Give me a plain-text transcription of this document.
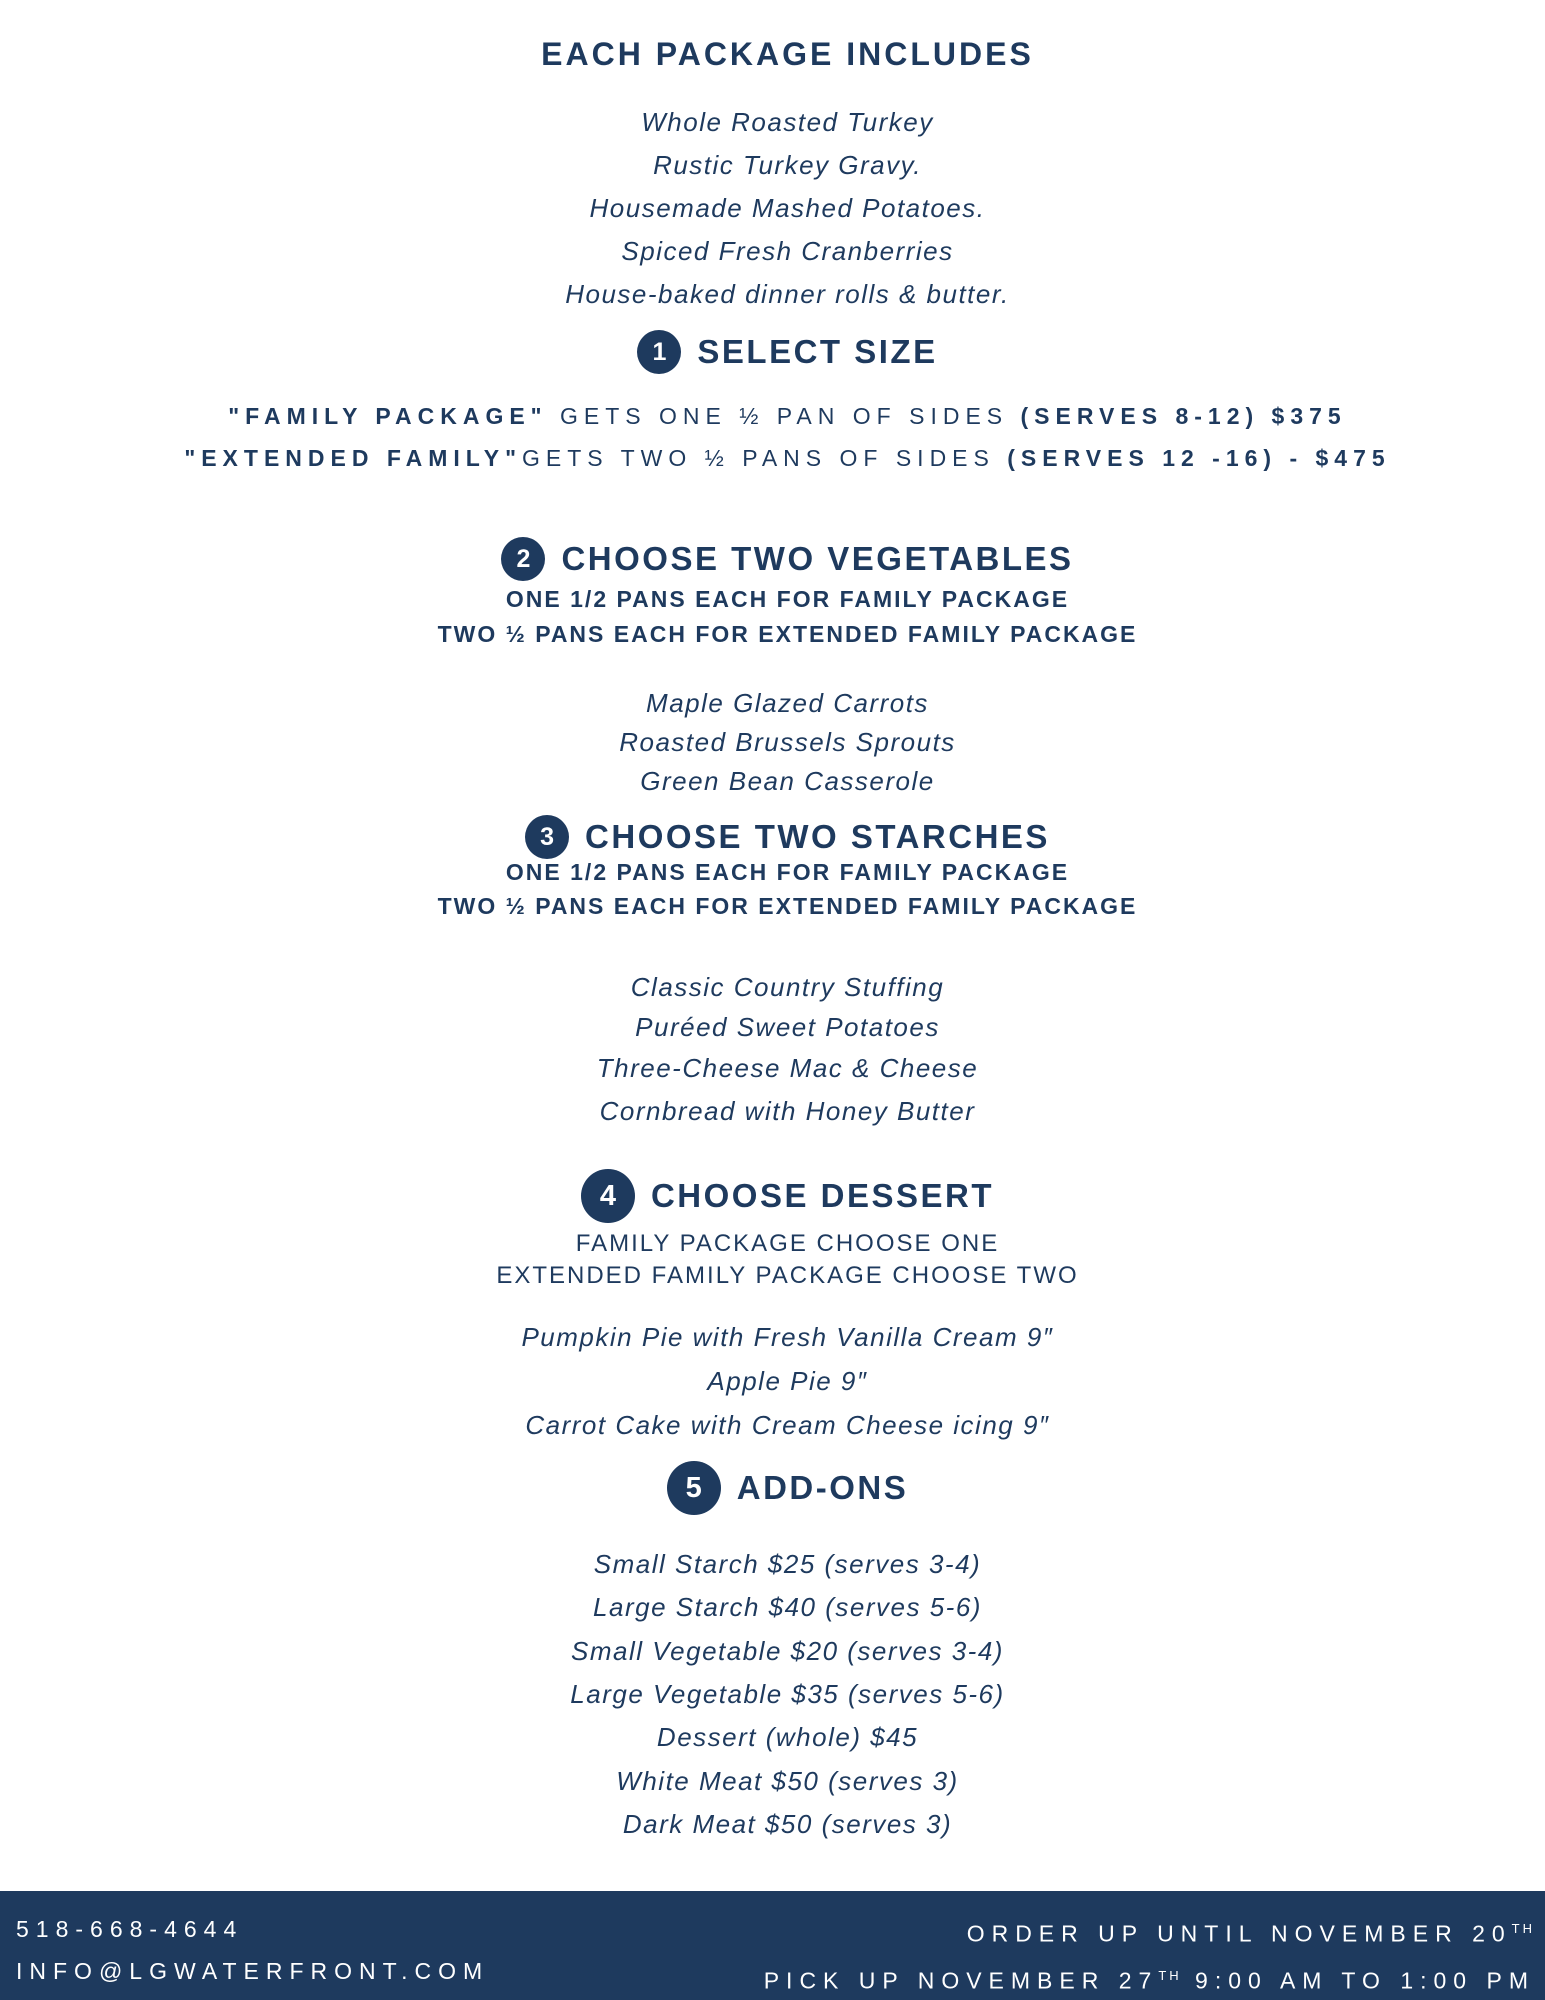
EACH PACKAGE INCLUDES
Whole Roasted Turkey
Rustic Turkey Gravy.
Housemade Mashed Potatoes.
Spiced Fresh Cranberries
House-baked dinner rolls & butter.
1 SELECT SIZE
"FAMILY PACKAGE" GETS ONE ½ PAN OF SIDES (SERVES 8-12) $375
"EXTENDED FAMILY"GETS TWO ½ PANS OF SIDES (SERVES 12 -16) - $475
2 CHOOSE TWO VEGETABLES
ONE 1/2 PANS EACH FOR FAMILY PACKAGE
TWO ½ PANS EACH FOR EXTENDED FAMILY PACKAGE
Maple Glazed Carrots
Roasted Brussels Sprouts
Green Bean Casserole
3 CHOOSE TWO STARCHES
ONE 1/2 PANS EACH FOR FAMILY PACKAGE
TWO ½ PANS EACH FOR EXTENDED FAMILY PACKAGE
Classic Country Stuffing
Puréed Sweet Potatoes
Three-Cheese Mac & Cheese
Cornbread with Honey Butter
4	CHOOSE DESSERT
FAMILY PACKAGE CHOOSE ONE
EXTENDED FAMILY PACKAGE CHOOSE TWO
Pumpkin Pie with Fresh Vanilla Cream 9″
Apple Pie 9″
Carrot Cake with Cream Cheese icing 9″
5	ADD-ONS
Small Starch $25 (serves 3-4)
Large Starch $40 (serves 5-6)
Small Vegetable $20 (serves 3-4)
Large Vegetable $35 (serves 5-6)
Dessert (whole) $45
White Meat $50 (serves 3)
Dark Meat $50 (serves 3)
518-668-4644
INFO@LGWATERFRONT.COM
ORDER UP UNTIL NOVEMBER 20TH
PICK UP NOVEMBER 27TH 9:00 AM TO 1:00 PM
